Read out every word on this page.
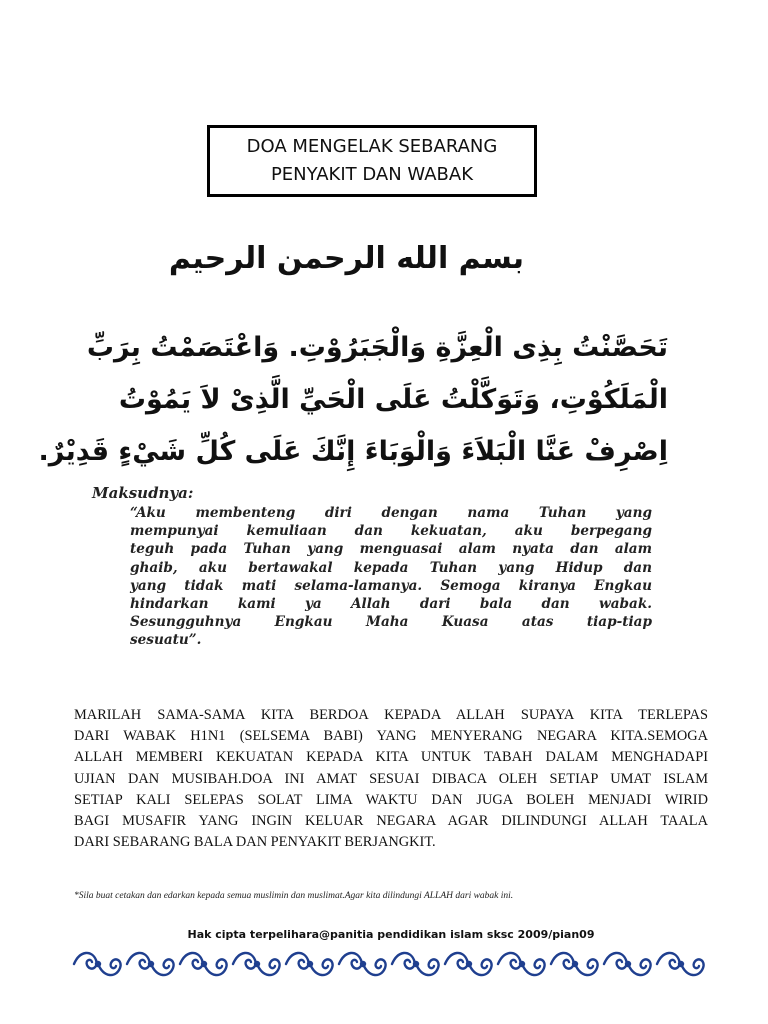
DOA MENGELAK SEBARANG
PENYAKIT DAN WABAK
بسم الله الرحمن الرحيم
تَحَصَّنْتُ بِذِى الْعِزَّةِ وَالْجَبَرُوْتِ. وَاعْتَصَمْتُ بِرَبِّ
الْمَلَكُوْتِ، وَتَوَكَّلْتُ عَلَى الْحَيِّ الَّذِىْ لاَ يَمُوْتُ
اِصْرِفْ عَنَّا الْبَلاَءَ وَالْوَبَاءَ إِنَّكَ عَلَى كُلِّ شَيْءٍ قَدِيْرٌ.
Maksudnya:
“Aku membenteng diri dengan nama Tuhan yang
mempunyai kemuliaan dan kekuatan, aku berpegang
teguh pada Tuhan yang menguasai alam nyata dan alam
ghaib, aku bertawakal kepada Tuhan yang Hidup dan
yang tidak mati selama-lamanya. Semoga kiranya Engkau
hindarkan kami ya Allah dari bala dan wabak.
Sesungguhnya Engkau Maha Kuasa atas tiap-tiap
sesuatu”.
MARILAH SAMA-SAMA KITA BERDOA KEPADA ALLAH SUPAYA KITA TERLEPAS
DARI WABAK H1N1 (SELSEMA BABI) YANG MENYERANG NEGARA KITA.SEMOGA
ALLAH MEMBERI KEKUATAN KEPADA KITA UNTUK TABAH DALAM MENGHADAPI
UJIAN DAN MUSIBAH.DOA INI AMAT SESUAI DIBACA OLEH SETIAP UMAT ISLAM
SETIAP KALI SELEPAS SOLAT LIMA WAKTU DAN JUGA BOLEH MENJADI WIRID
BAGI MUSAFIR YANG INGIN KELUAR NEGARA AGAR DILINDUNGI ALLAH TAALA
DARI SEBARANG BALA DAN PENYAKIT BERJANGKIT.
*Sila buat cetakan dan edarkan kepada semua muslimin dan muslimat.Agar kita dilindungi ALLAH dari wabak ini.
Hak cipta terpelihara@panitia pendidikan islam sksc 2009/pian09
